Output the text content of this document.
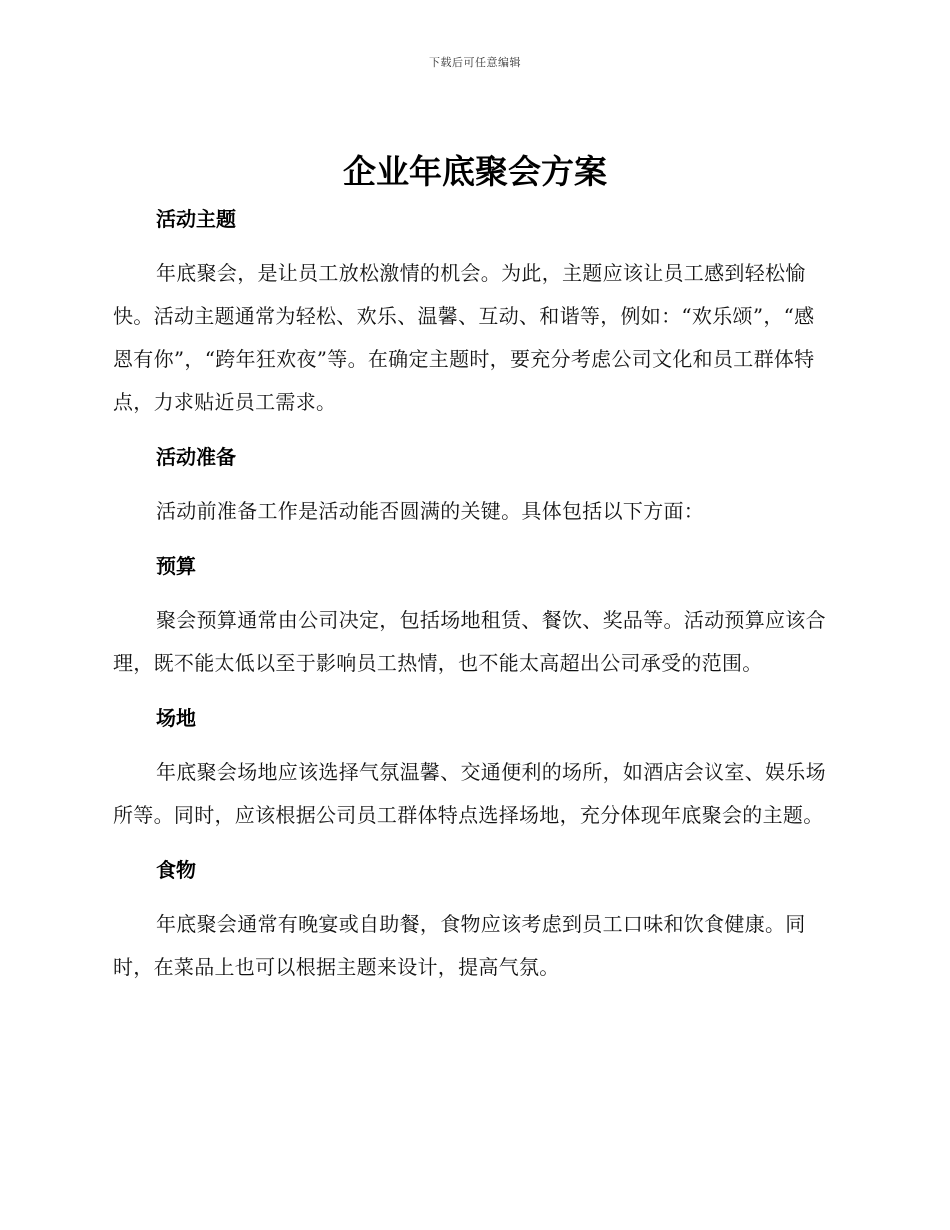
下载后可任意编辑
企业年底聚会方案
活动主题

年底聚会，是让员工放松激情的机会。为此，主题应该让员工感到轻松愉快。活动主题通常为轻松、欢乐、温馨、互动、和谐等，例如：“欢乐颂”，“感恩有你”，“跨年狂欢夜”等。在确定主题时，要充分考虑公司文化和员工群体特点，力求贴近员工需求。

活动准备

活动前准备工作是活动能否圆满的关键。具体包括以下方面：

预算

聚会预算通常由公司决定，包括场地租赁、餐饮、奖品等。活动预算应该合理，既不能太低以至于影响员工热情，也不能太高超出公司承受的范围。

场地

年底聚会场地应该选择气氛温馨、交通便利的场所，如酒店会议室、娱乐场所等。同时，应该根据公司员工群体特点选择场地，充分体现年底聚会的主题。

食物

年底聚会通常有晚宴或自助餐，食物应该考虑到员工口味和饮食健康。同时，在菜品上也可以根据主题来设计，提高气氛。
